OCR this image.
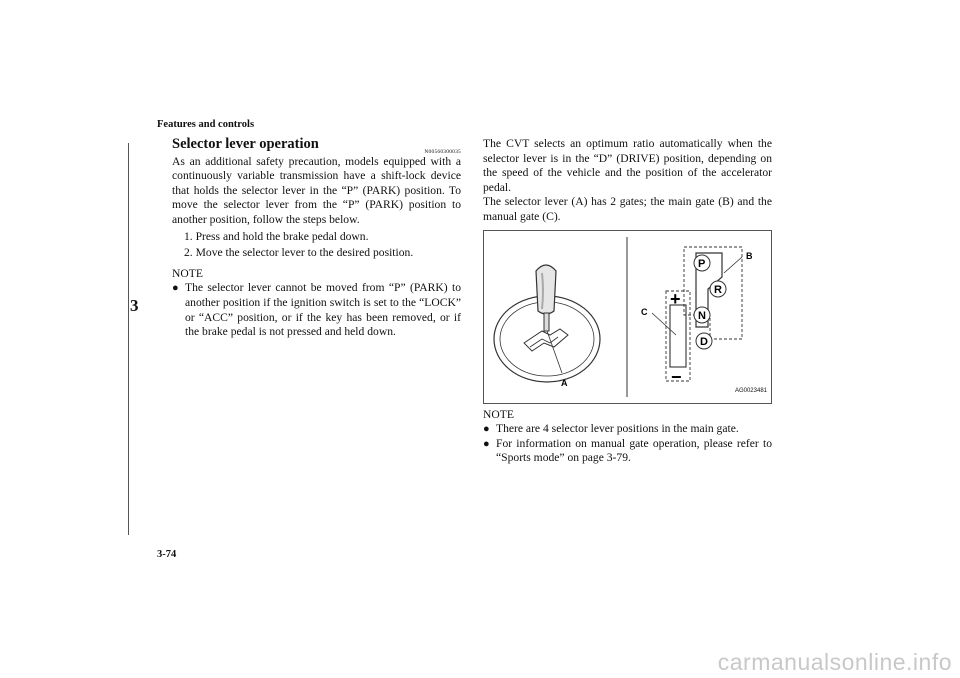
Features and controls
3
Selector lever operation	N00560300035

As an additional safety precaution, models equipped with a continuously variable transmission have a shift-lock device that holds the selector lever in the “P” (PARK) position. To move the selector lever from the “P” (PARK) position to another position, follow the steps below.

1. Press and hold the brake pedal down.
2. Move the selector lever to the desired position.
NOTE

● The selector lever cannot be moved from “P” (PARK) to another position if the ignition switch is set to the “LOCK” or “ACC” position, or if the key has been removed, or if the brake pedal is not pressed and held down.

The CVT selects an optimum ratio automatically when the selector lever is in the “D” (DRIVE) position, depending on the speed of the vehicle and the position of the accelerator pedal.

The selector lever (A) has 2 gates; the main gate (B) and the manual gate (C).

A
B
P
R
N
D
+
−
C
AG0023481
NOTE

● There are 4 selector lever positions in the main gate.

● For information on manual gate operation, please refer to “Sports mode” on page 3-79.

3-74
carmanualsonline.info
